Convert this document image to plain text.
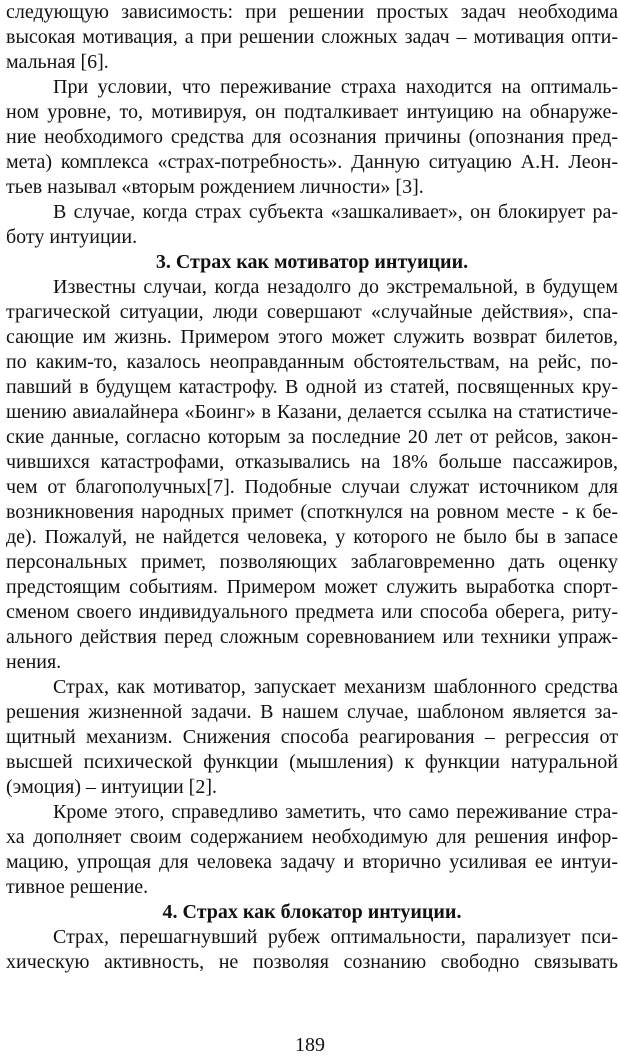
следующую зависимость: при решении простых задач необходима
высокая мотивация, а при решении сложных задач – мотивация опти-
мальная [6].
При условии, что переживание страха находится на оптималь-
ном уровне, то, мотивируя, он подталкивает интуицию на обнаруже-
ние необходимого средства для осознания причины (опознания пред-
мета) комплекса «страх-потребность». Данную ситуацию А.Н. Леон-
тьев называл «вторым рождением личности» [3].
В случае, когда страх субъекта «зашкаливает», он блокирует ра-
боту интуиции.
3. Страх как мотиватор интуиции.
Известны случаи, когда незадолго до экстремальной, в будущем
трагической ситуации, люди совершают «случайные действия», спа-
сающие им жизнь. Примером этого может служить возврат билетов,
по каким-то, казалось неоправданным обстоятельствам, на рейс, по-
павший в будущем катастрофу. В одной из статей, посвященных кру-
шению авиалайнера «Боинг» в Казани, делается ссылка на статистиче-
ские данные, согласно которым за последние 20 лет от рейсов, закон-
чившихся катастрофами, отказывались на 18% больше пассажиров,
чем от благополучных[7]. Подобные случаи служат источником для
возникновения народных примет (споткнулся на ровном месте - к бе-
де). Пожалуй, не найдется человека, у которого не было бы в запасе
персональных примет, позволяющих заблаговременно дать оценку
предстоящим событиям. Примером может служить выработка спорт-
сменом своего индивидуального предмета или способа оберега, риту-
ального действия перед сложным соревнованием или техники упраж-
нения.
Страх, как мотиватор, запускает механизм шаблонного средства
решения жизненной задачи. В нашем случае, шаблоном является за-
щитный механизм. Снижения способа реагирования – регрессия от
высшей психической функции (мышления) к функции натуральной
(эмоция) – интуиции [2].
Кроме этого, справедливо заметить, что само переживание стра-
ха дополняет своим содержанием необходимую для решения инфор-
мацию, упрощая для человека задачу и вторично усиливая ее интуи-
тивное решение.
4. Страх как блокатор интуиции.
Страх, перешагнувший рубеж оптимальности, парализует пси-
хическую активность, не позволяя сознанию свободно связывать
189
